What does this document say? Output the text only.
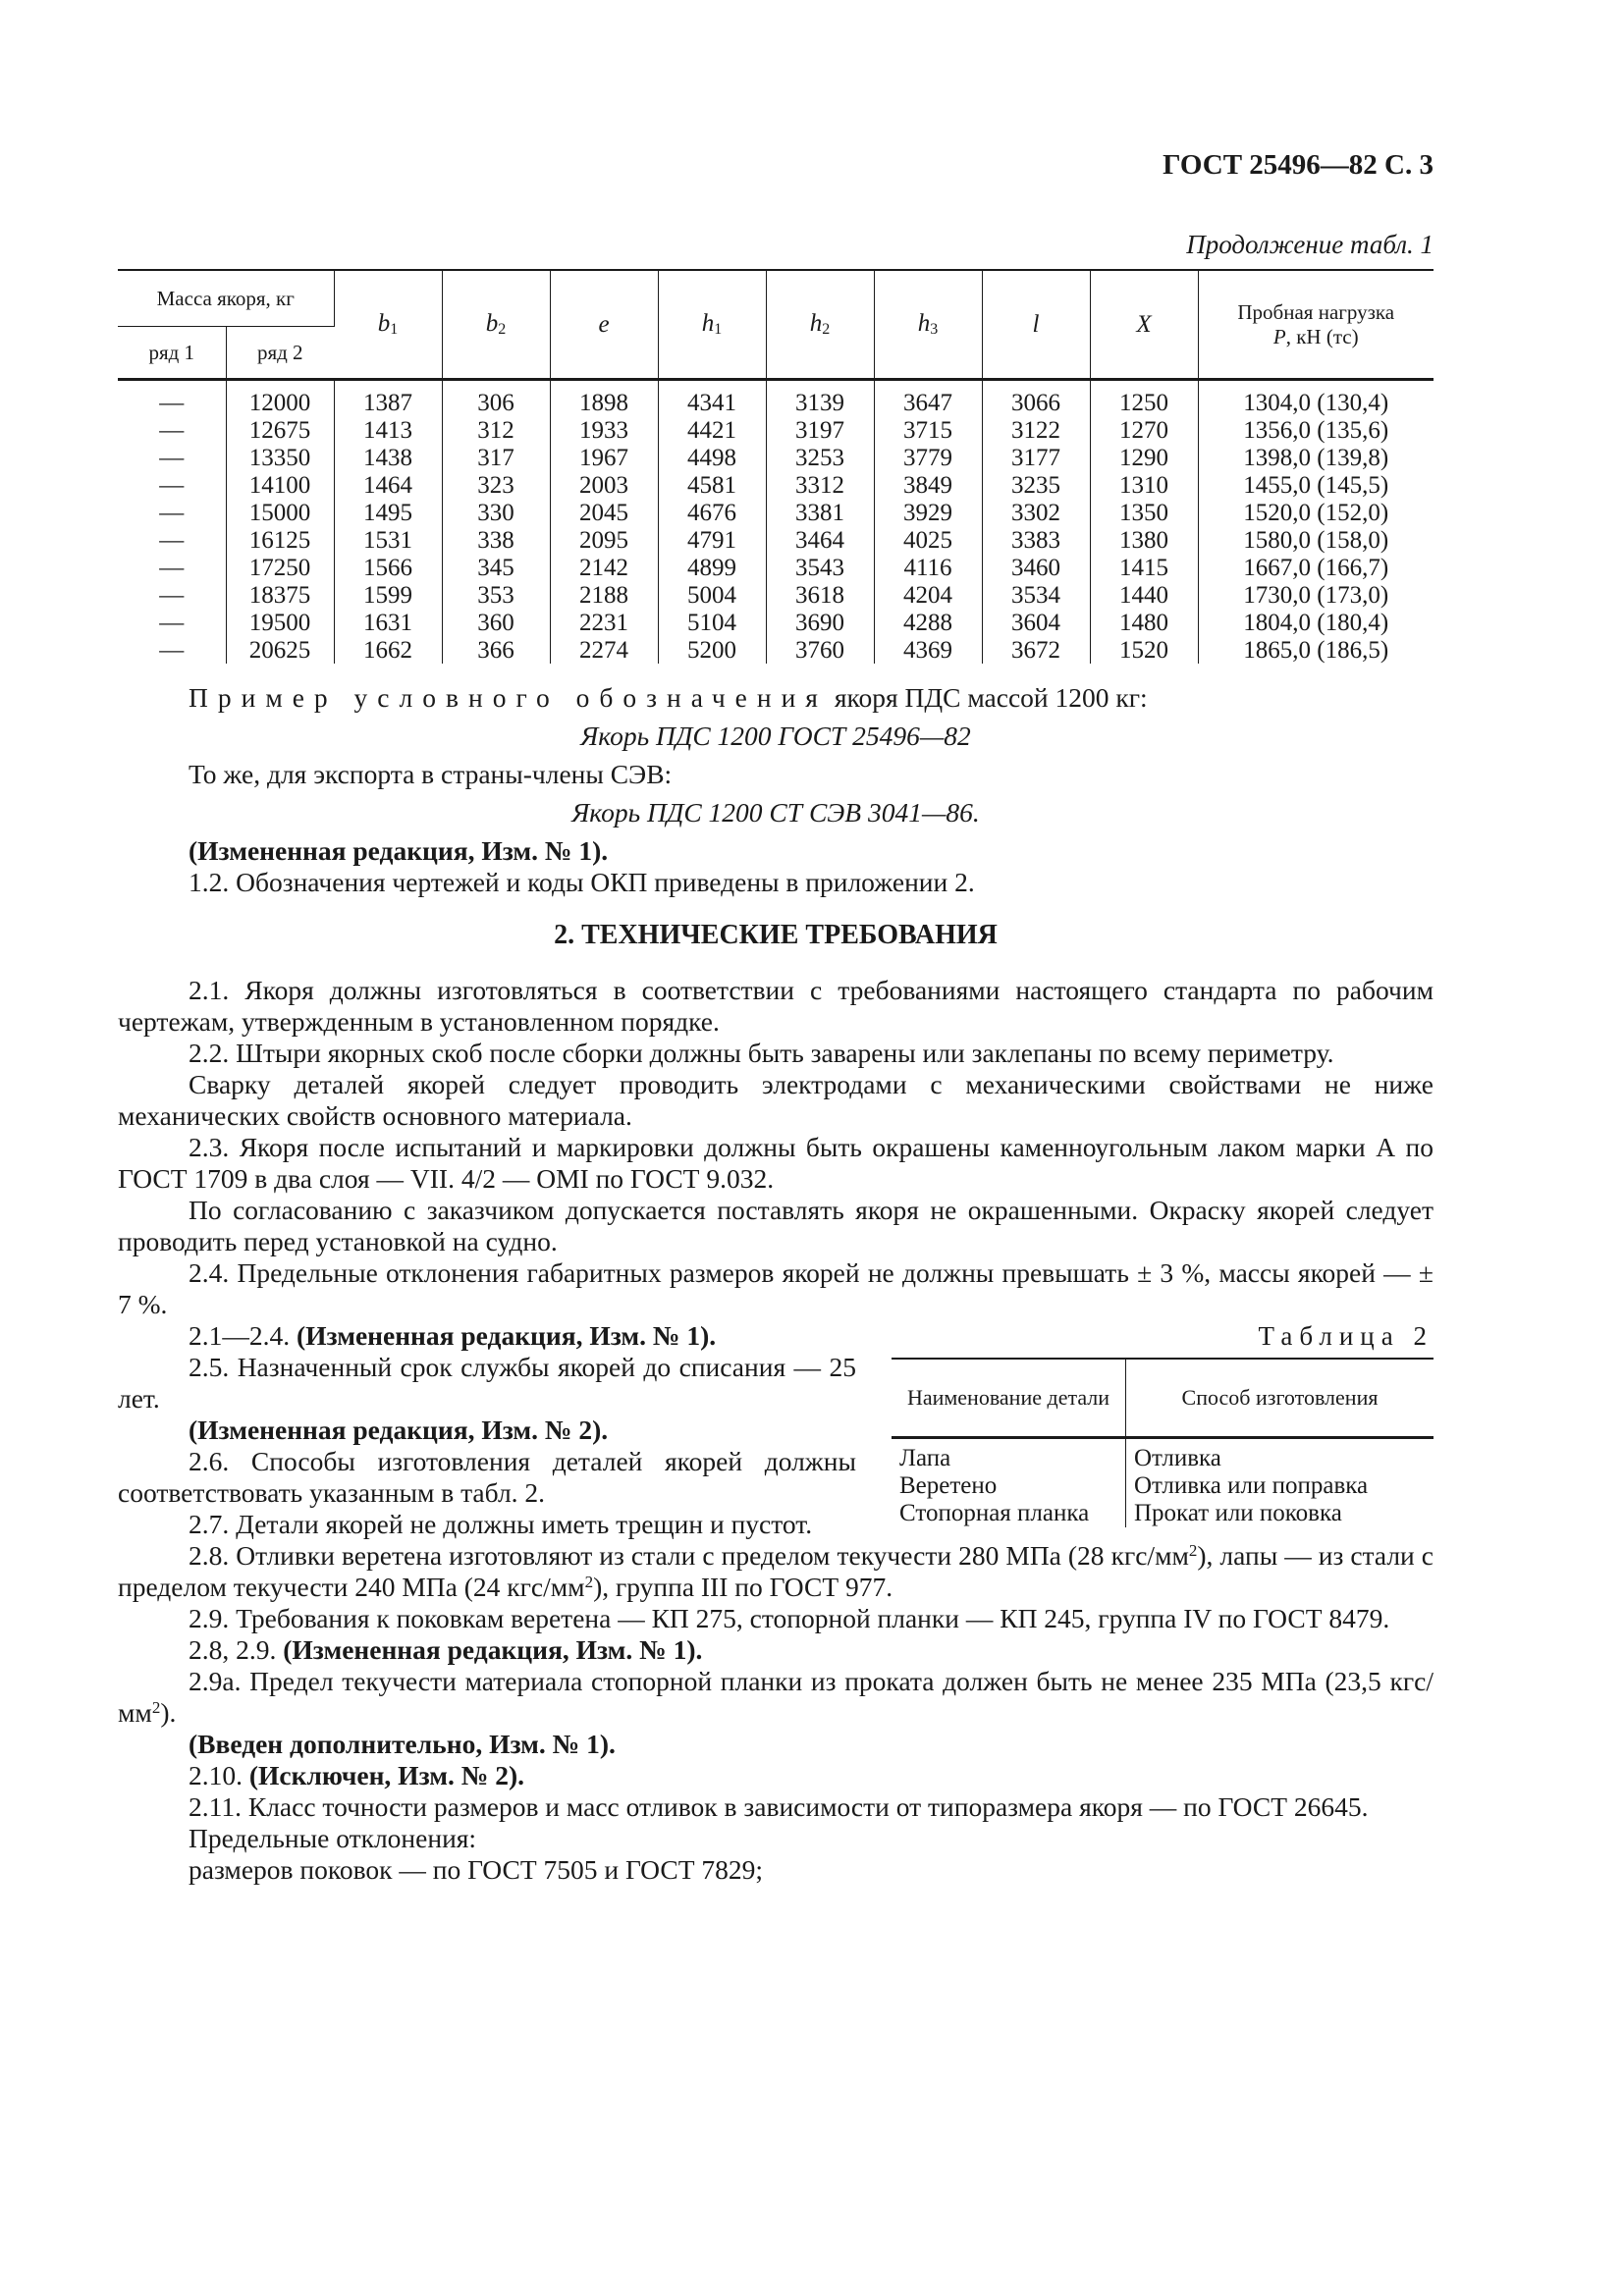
ГОСТ 25496—82 С. 3
Продолжение табл. 1
Масса якоря, кг		$b_1$	$b_2$	e	$h_1$	$h_2$	$h_3$	l	X	Пробная нагрузка
P, кН (тс)
ряд 1	ряд 2									
—	12000	1387	306	1898	4341	3139	3647	3066	1250	1304,0 (130,4)
—	12675	1413	312	1933	4421	3197	3715	3122	1270	1356,0 (135,6)
—	13350	1438	317	1967	4498	3253	3779	3177	1290	1398,0 (139,8)
—	14100	1464	323	2003	4581	3312	3849	3235	1310	1455,0 (145,5)
—	15000	1495	330	2045	4676	3381	3929	3302	1350	1520,0 (152,0)
—	16125	1531	338	2095	4791	3464	4025	3383	1380	1580,0 (158,0)
—	17250	1566	345	2142	4899	3543	4116	3460	1415	1667,0 (166,7)
—	18375	1599	353	2188	5004	3618	4204	3534	1440	1730,0 (173,0)
—	19500	1631	360	2231	5104	3690	4288	3604	1480	1804,0 (180,4)
—	20625	1662	366	2274	5200	3760	4369	3672	1520	1865,0 (186,5)

Пример условного обозначения якоря ПДС массой 1200 кг:

Якорь ПДС 1200 ГОСТ 25496—82

То же, для экспорта в страны-члены СЭВ:

Якорь ПДС 1200 СТ СЭВ 3041—86.

(Измененная редакция, Изм. № 1).

1.2. Обозначения чертежей и коды ОКП приведены в приложении 2.

2. ТЕХНИЧЕСКИЕ ТРЕБОВАНИЯ

2.1. Якоря должны изготовляться в соответствии с требованиями настоящего стандарта по рабочим чертежам, утвержденным в установленном порядке.

2.2. Штыри якорных скоб после сборки должны быть заварены или заклепаны по всему периметру.

Сварку деталей якорей следует проводить электродами с механическими свойствами не ниже механических свойств основного материала.

2.3. Якоря после испытаний и маркировки должны быть окрашены каменноугольным лаком марки А по ГОСТ 1709 в два слоя — VII. 4/2 — OMI по ГОСТ 9.032.

По согласованию с заказчиком допускается поставлять якоря не окрашенными. Окраску якорей следует проводить перед установкой на судно.

2.4. Предельные отклонения габаритных размеров якорей не должны превышать ± 3 %, массы якорей — ± 7 %.

Таблица 2
Наименование детали	Способ изготовления
Лапа	Отливка
Веретено	Отливка или поправка
Стопорная планка	Прокат или поковка

2.1—2.4. (Измененная редакция, Изм. № 1).

2.5. Назначенный срок службы якорей до списания — 25 лет.

(Измененная редакция, Изм. № 2).

2.6. Способы изготовления деталей якорей должны соответствовать указанным в табл. 2.

2.7. Детали якорей не должны иметь трещин и пустот.

2.8. Отливки веретена изготовляют из стали с пределом текучести 280 МПа (28 кгс/$мм^2$), лапы — из стали с пределом текучести 240 МПа (24 кгс/$мм^2$), группа III по ГОСТ 977.

2.9. Требования к поковкам веретена — КП 275, стопорной планки — КП 245, группа IV по ГОСТ 8479.

2.8, 2.9. (Измененная редакция, Изм. № 1).

2.9а. Предел текучести материала стопорной планки из проката должен быть не менее 235 МПа (23,5 кгс/$мм^2$).

(Введен дополнительно, Изм. № 1).

2.10. (Исключен, Изм. № 2).

2.11. Класс точности размеров и масс отливок в зависимости от типоразмера якоря — по ГОСТ 26645.

Предельные отклонения:

размеров поковок — по ГОСТ 7505 и ГОСТ 7829;
